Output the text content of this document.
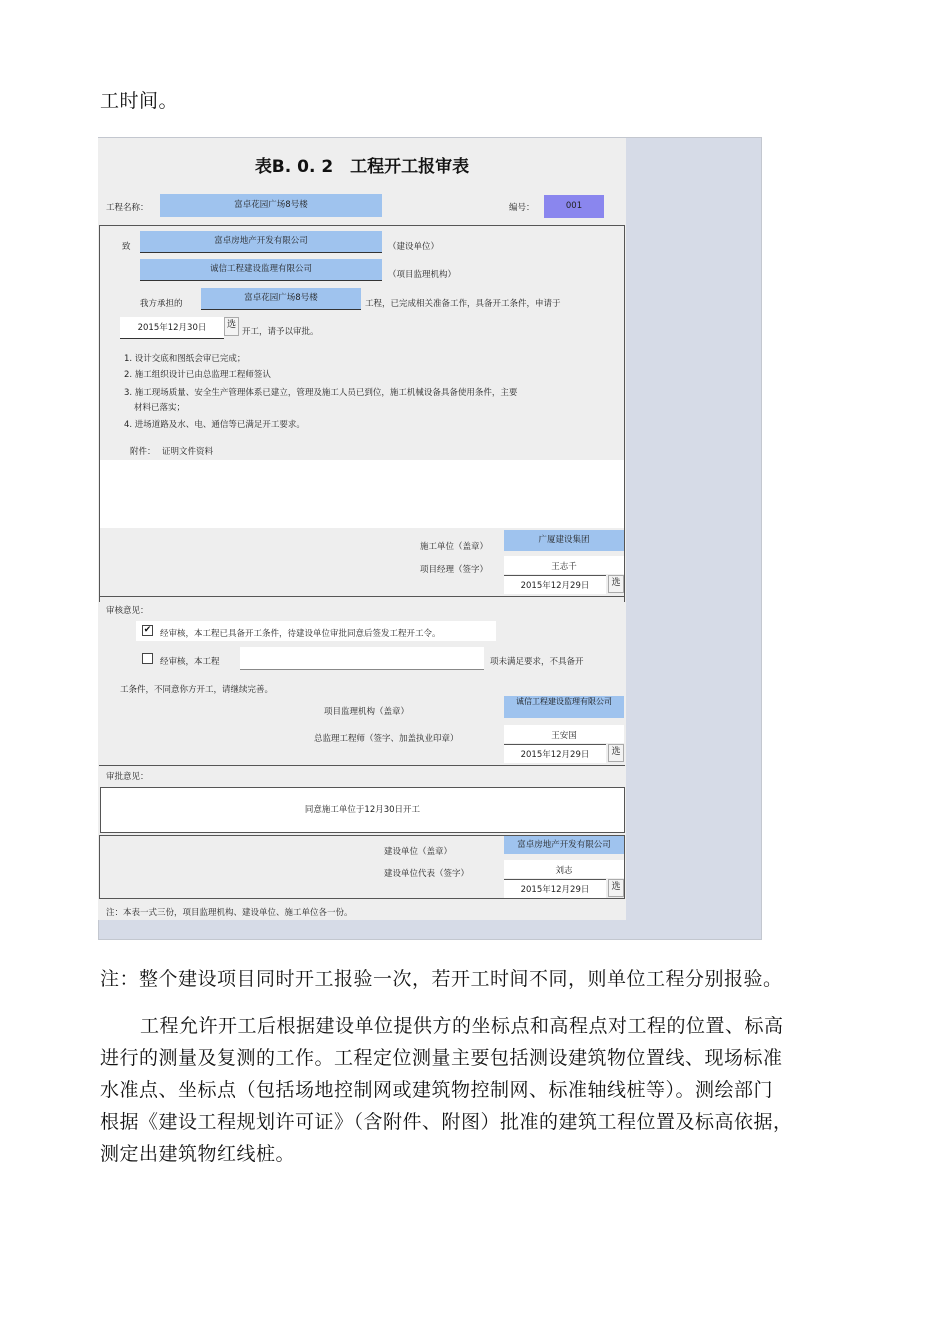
工时间。
表B. 0. 2　工程开工报审表
工程名称：	富卓花园广场8号楼	编号：	001
致
富卓房地产开发有限公司
（建设单位）
诚信工程建设监理有限公司
（项目监理机构）
我方承担的
富卓花园广场8号楼
工程，已完成相关准备工作，具备开工条件，申请于
2015年12月30日	选
开工，请予以审批。
1. 设计交底和图纸会审已完成；
2. 施工组织设计已由总监理工程师签认
3. 施工现场质量、安全生产管理体系已建立，管理及施工人员已到位，施工机械设备具备使用条件，主要
材料已落实；
4. 进场道路及水、电、通信等已满足开工要求。
附件： 证明文件资料
施工单位（盖章）
广厦建设集团
项目经理（签字）	王志千
2015年12月29日	选
审核意见：
✔ 经审核，本工程已具备开工条件，待建设单位审批同意后签发工程开工令。
经审核，本工程	项未满足要求，不具备开
工条件，不同意你方开工，请继续完善。
项目监理机构（盖章）
诚信工程建设监理有限公司
总监理工程师（签字、加盖执业印章）	王安国
2015年12月29日	选
审批意见：
同意施工单位于12月30日开工
建设单位（盖章）
富卓房地产开发有限公司
建设单位代表（签字）	刘志
2015年12月29日	选
注：本表一式三份，项目监理机构、建设单位、施工单位各一份。
注：整个建设项目同时开工报验一次，若开工时间不同，则单位工程分别报验。
工程允许开工后根据建设单位提供方的坐标点和高程点对工程的位置、标高
进行的测量及复测的工作。工程定位测量主要包括测设建筑物位置线、现场标准
水准点、坐标点（包括场地控制网或建筑物控制网、标准轴线桩等）。测绘部门
根据《建设工程规划许可证》（含附件、附图）批准的建筑工程位置及标高依据，
测定出建筑物红线桩。
